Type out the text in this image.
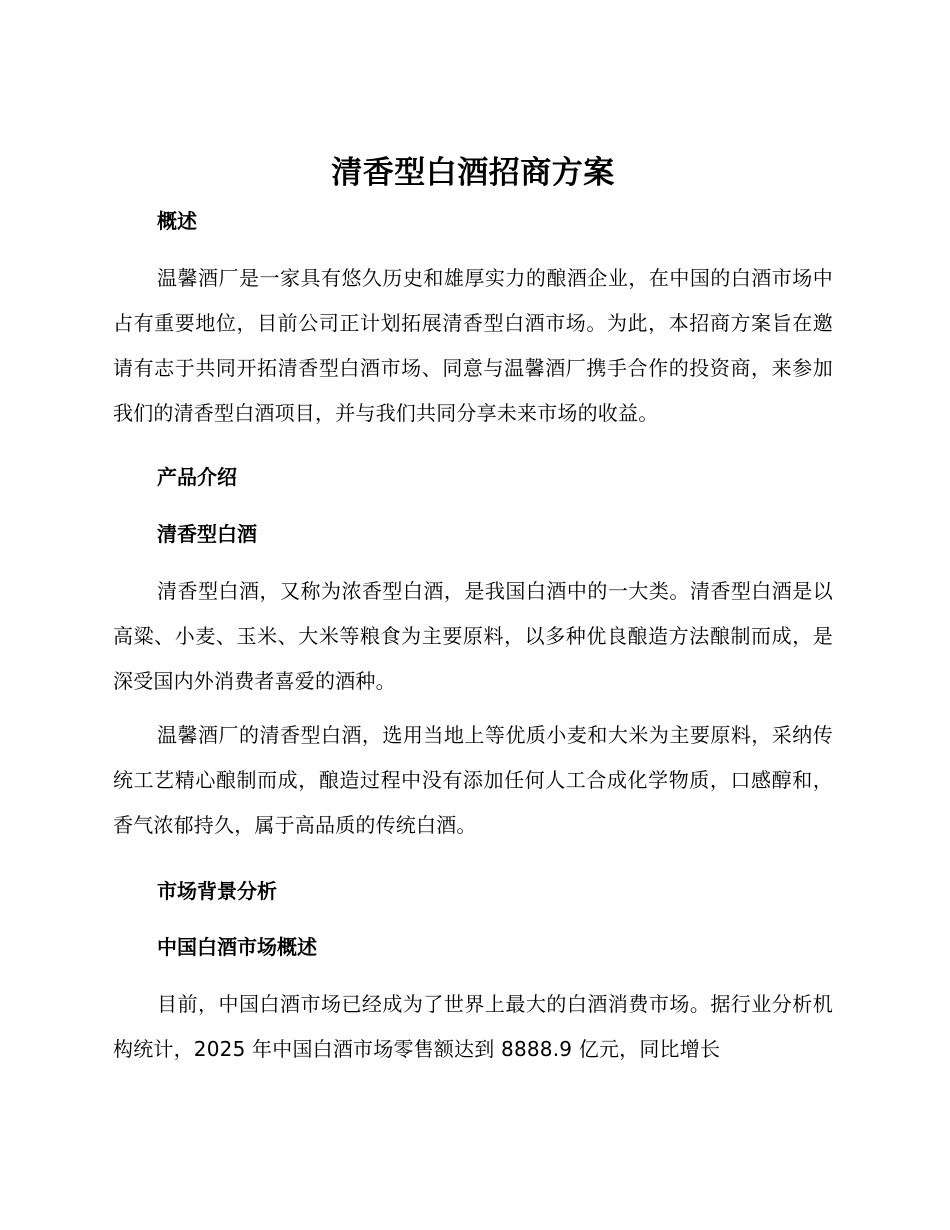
清香型白酒招商方案
概述

温馨酒厂是一家具有悠久历史和雄厚实力的酿酒企业，在中国的白酒市场中占有重要地位，目前公司正计划拓展清香型白酒市场。为此，本招商方案旨在邀请有志于共同开拓清香型白酒市场、同意与温馨酒厂携手合作的投资商，来参加我们的清香型白酒项目，并与我们共同分享未来市场的收益。

产品介绍
清香型白酒

清香型白酒，又称为浓香型白酒，是我国白酒中的一大类。清香型白酒是以高粱、小麦、玉米、大米等粮食为主要原料，以多种优良酿造方法酿制而成，是深受国内外消费者喜爱的酒种。

温馨酒厂的清香型白酒，选用当地上等优质小麦和大米为主要原料，采纳传统工艺精心酿制而成，酿造过程中没有添加任何人工合成化学物质，口感醇和，香气浓郁持久，属于高品质的传统白酒。

市场背景分析
中国白酒市场概述

目前，中国白酒市场已经成为了世界上最大的白酒消费市场。据行业分析机构统计，2025 年中国白酒市场零售额达到 8888.9 亿元，同比增长
